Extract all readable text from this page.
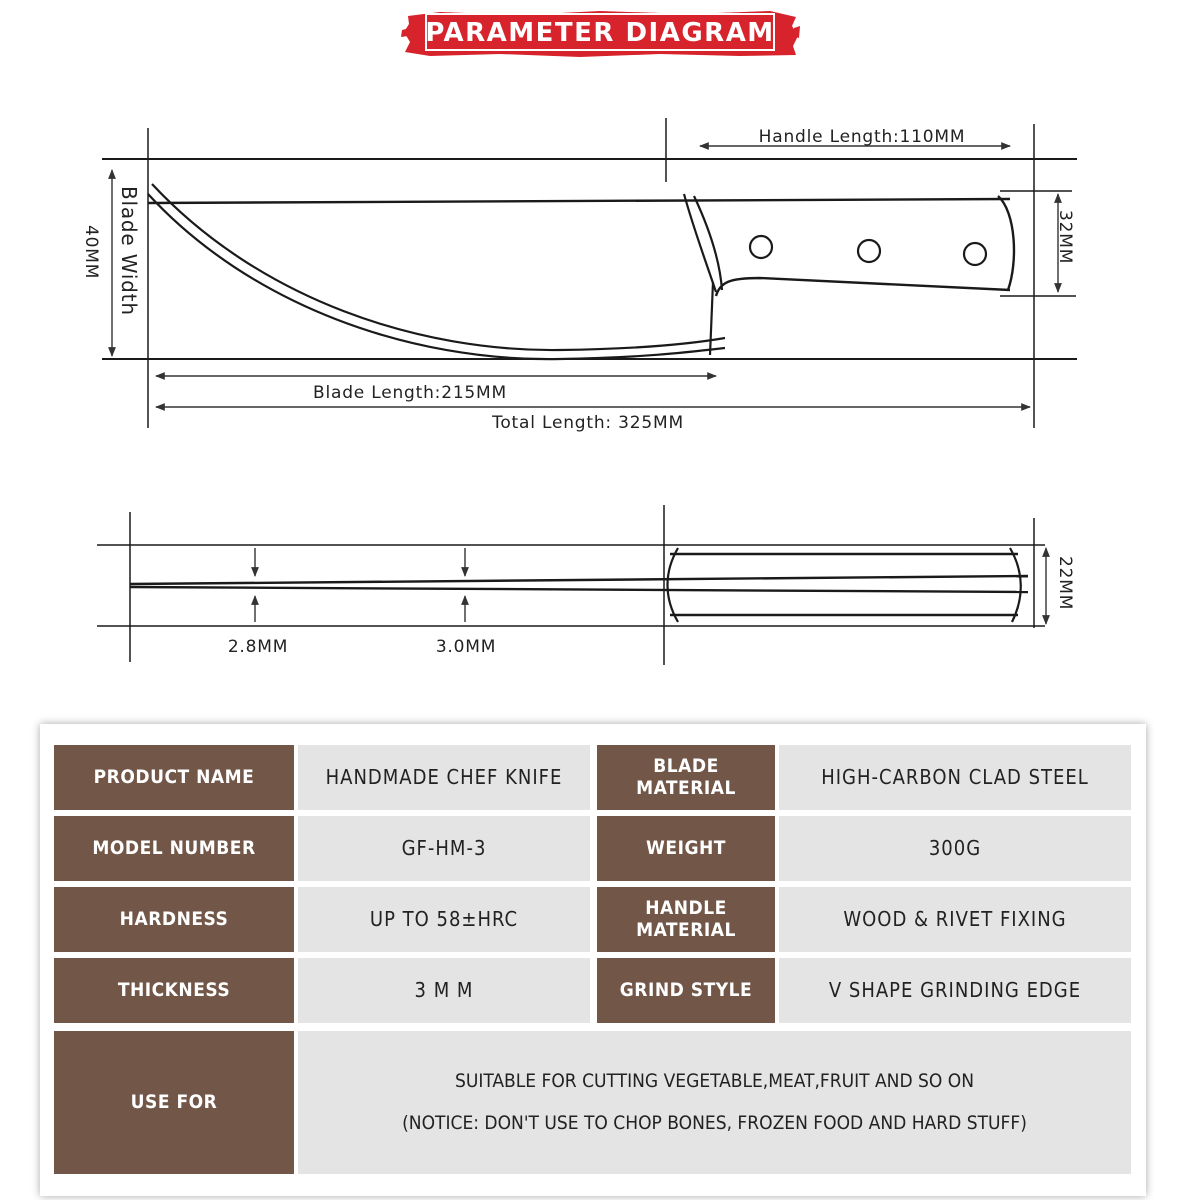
PARAMETER DIAGRAM
Handle Length:110MM
Blade Width
40MM	32MM
Blade Length:215MM
Total Length: 325MM
2.8MM	3.0MM
22MM
PRODUCT NAME	HANDMADE CHEF KNIFE	BLADE MATERIAL	HIGH-CARBON CLAD STEEL
MODEL NUMBER	GF-HM-3	WEIGHT	300G
HARDNESS	UP TO 58±HRC	HANDLE MATERIAL	WOOD & RIVET FIXING
THICKNESS	3 M M	GRIND STYLE	V SHAPE GRINDING EDGE
USE FOR
SUITABLE FOR CUTTING VEGETABLE,MEAT,FRUIT AND SO ON
(NOTICE: DON'T USE TO CHOP BONES, FROZEN FOOD AND HARD STUFF)
